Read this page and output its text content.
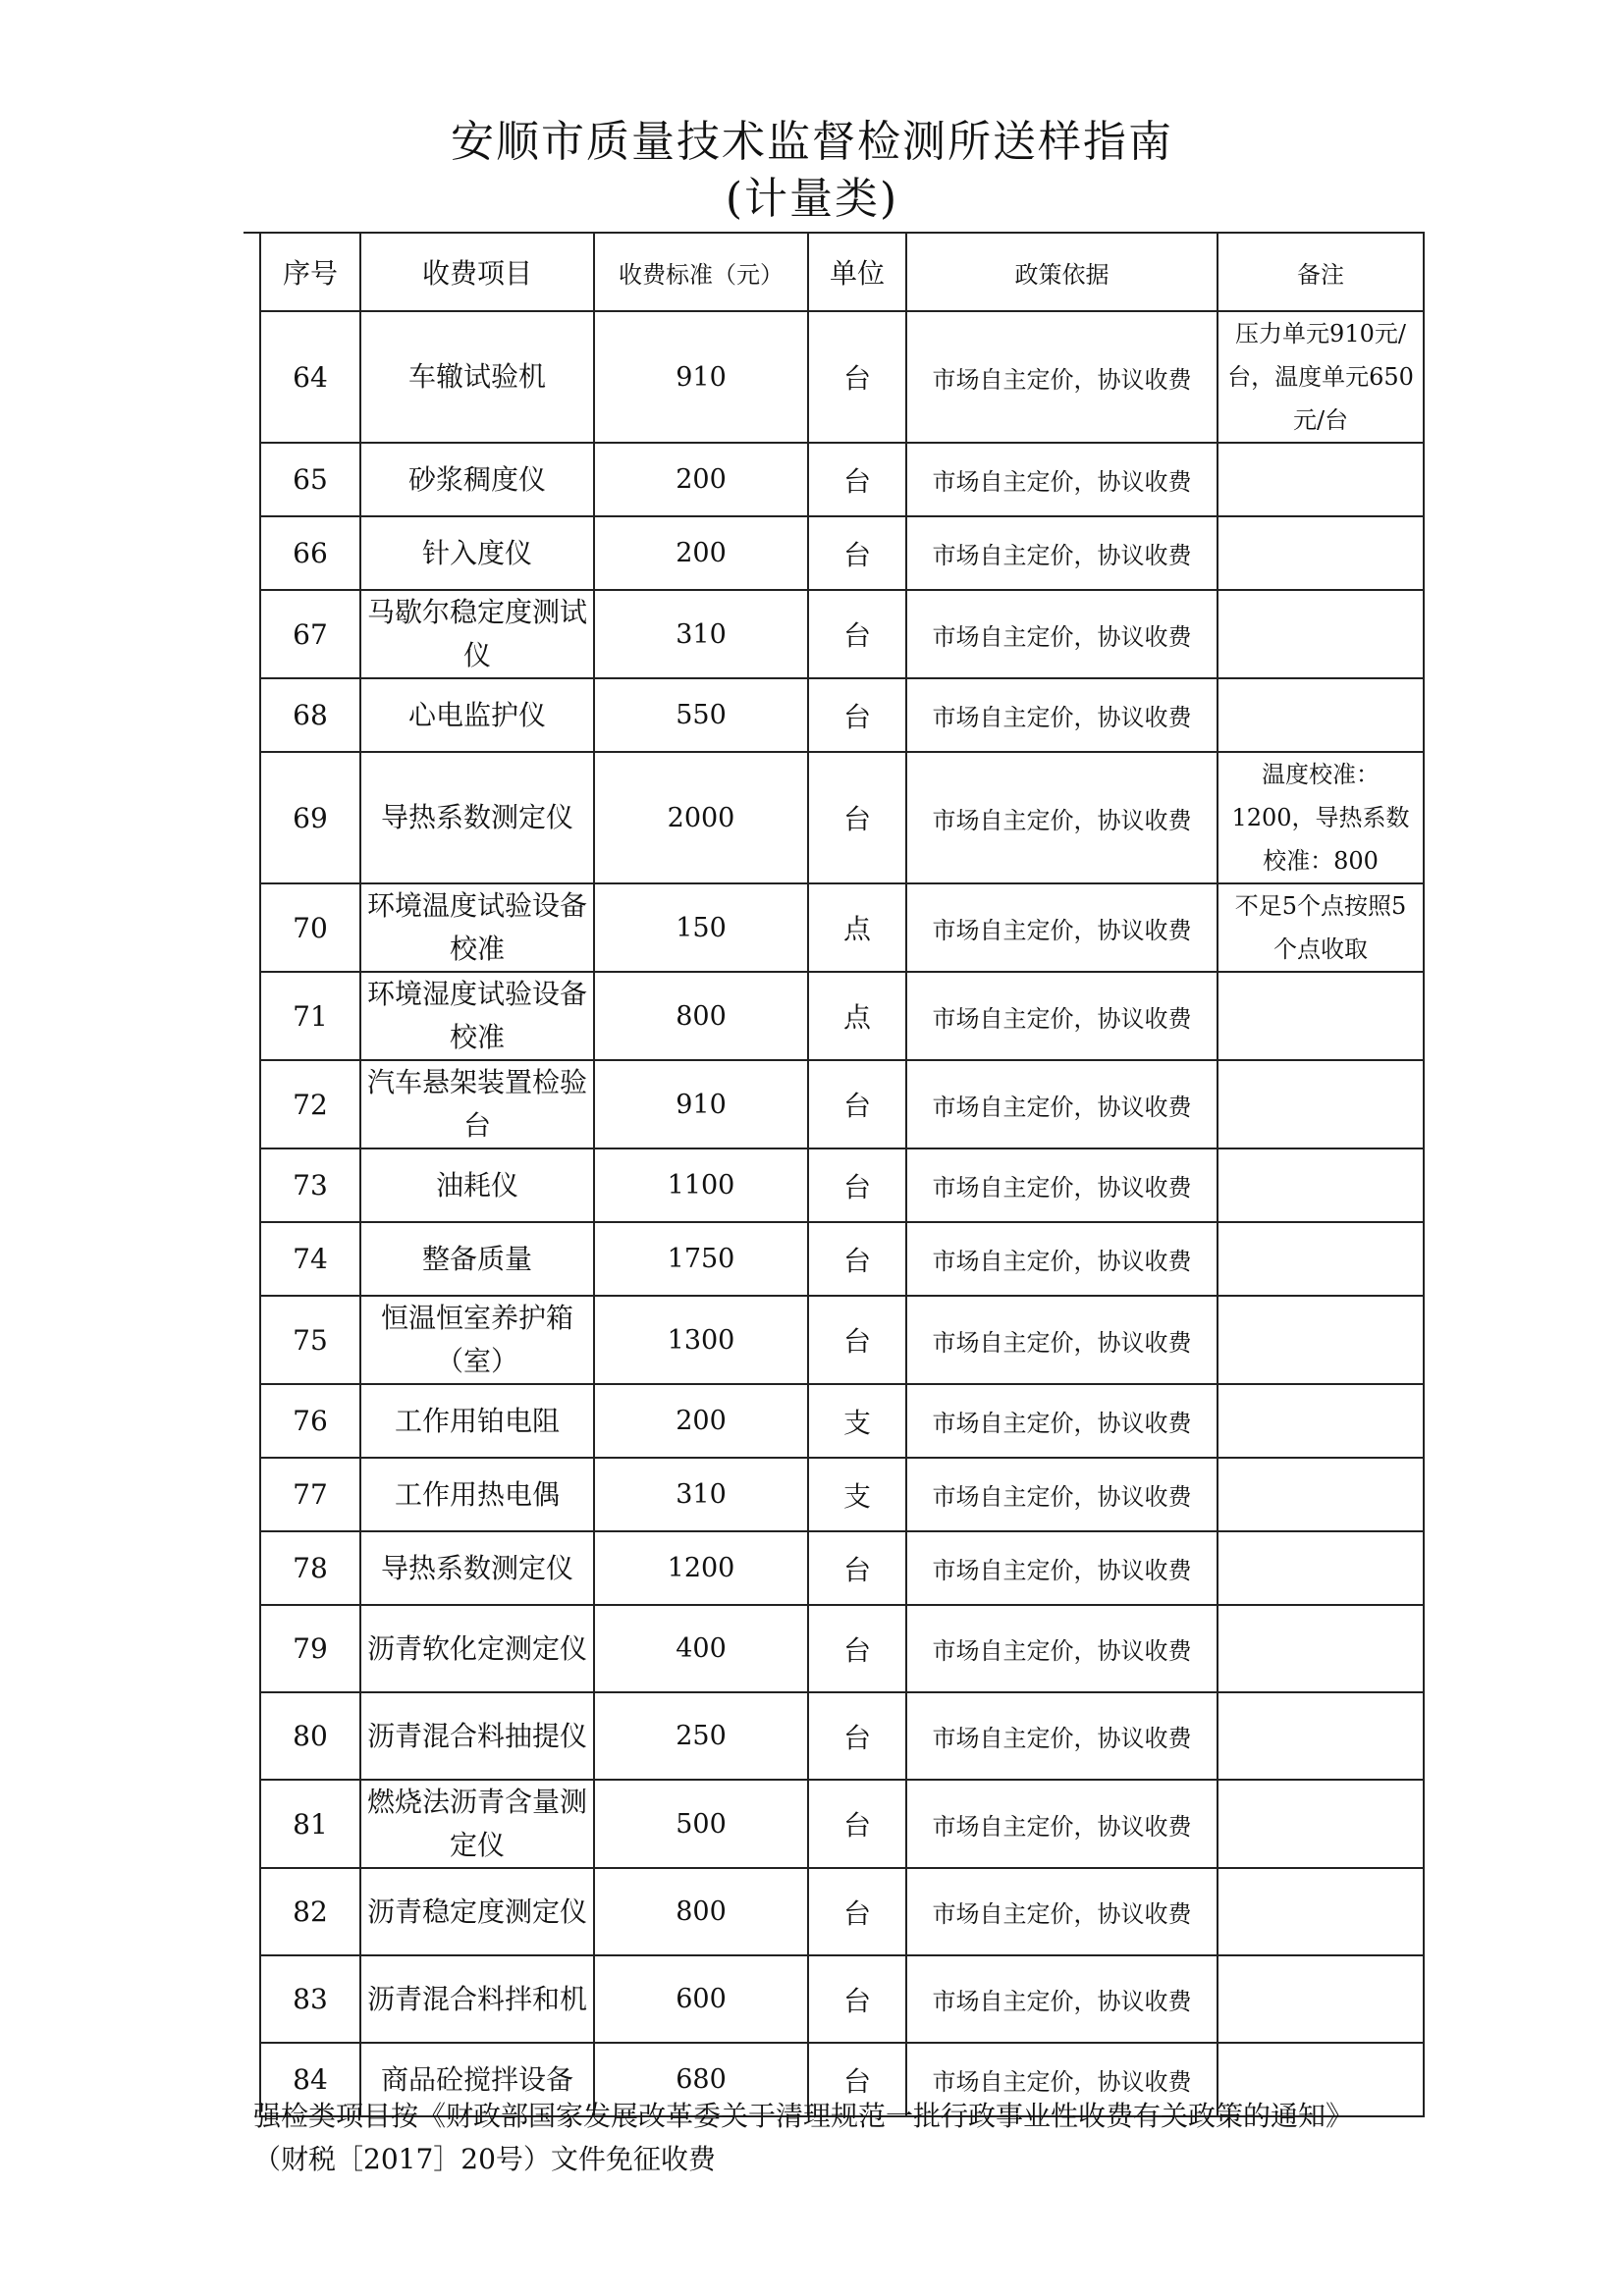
安顺市质量技术监督检测所送样指南
(计量类)
序号	收费项目	收费标准（元）	单位	政策依据	备注
64	车辙试验机	910	台	市场自主定价，协议收费	压力单元910元/台，温度单元650元/台
65	砂浆稠度仪	200	台	市场自主定价，协议收费	
66	针入度仪	200	台	市场自主定价，协议收费	
67	马歇尔稳定度测试仪	310	台	市场自主定价，协议收费	
68	心电监护仪	550	台	市场自主定价，协议收费	
69	导热系数测定仪	2000	台	市场自主定价，协议收费	温度校准：1200，导热系数校准：800
70	环境温度试验设备校准	150	点	市场自主定价，协议收费	不足5个点按照5个点收取
71	环境湿度试验设备校准	800	点	市场自主定价，协议收费	
72	汽车悬架装置检验台	910	台	市场自主定价，协议收费	
73	油耗仪	1100	台	市场自主定价，协议收费	
74	整备质量	1750	台	市场自主定价，协议收费	
75	恒温恒室养护箱（室）	1300	台	市场自主定价，协议收费	
76	工作用铂电阻	200	支	市场自主定价，协议收费	
77	工作用热电偶	310	支	市场自主定价，协议收费	
78	导热系数测定仪	1200	台	市场自主定价，协议收费	
79	沥青软化定测定仪	400	台	市场自主定价，协议收费	
80	沥青混合料抽提仪	250	台	市场自主定价，协议收费	
81	燃烧法沥青含量测定仪	500	台	市场自主定价，协议收费	
82	沥青稳定度测定仪	800	台	市场自主定价，协议收费	
83	沥青混合料拌和机	600	台	市场自主定价，协议收费	
84	商品砼搅拌设备	680	台	市场自主定价，协议收费	
强检类项目按《财政部国家发展改革委关于清理规范一批行政事业性收费有关政策的通知》
（财税［2017］20号）文件免征收费
